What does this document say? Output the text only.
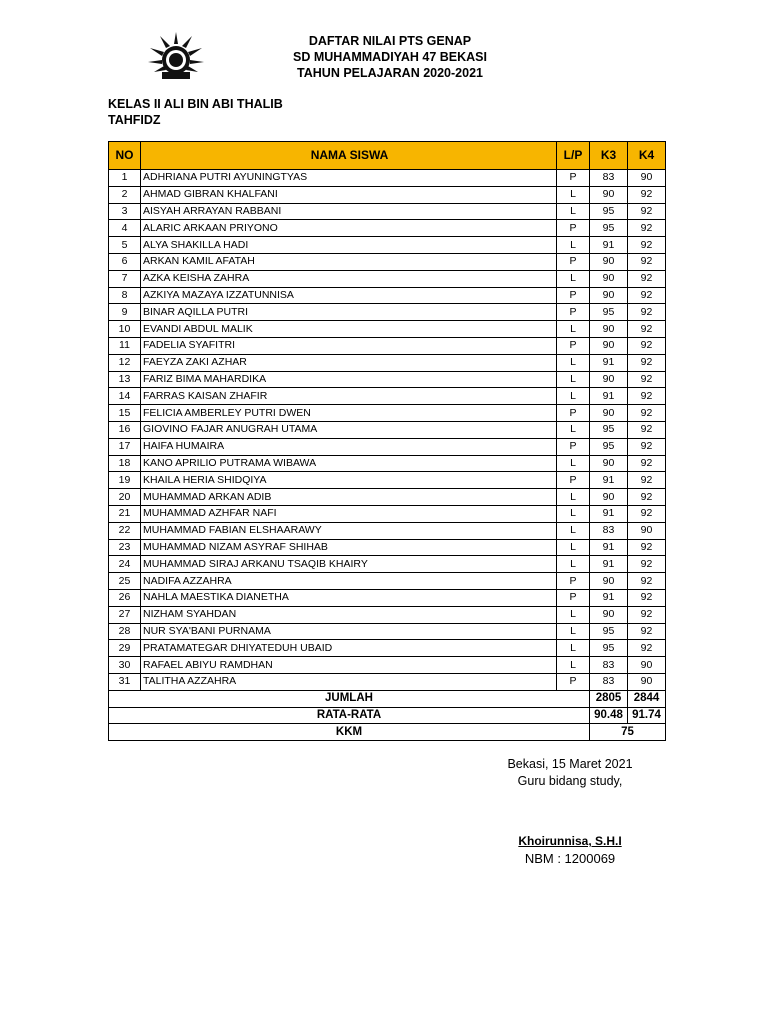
DAFTAR NILAI PTS GENAP
SD MUHAMMADIYAH 47 BEKASI
TAHUN PELAJARAN 2020-2021
KELAS II ALI BIN ABI THALIB
TAHFIDZ
NO	NAMA SISWA	L/P	K3	K4
1	ADHRIANA PUTRI AYUNINGTYAS	P	83	90
2	AHMAD GIBRAN KHALFANI	L	90	92
3	AISYAH ARRAYAN RABBANI	L	95	92
4	ALARIC ARKAAN PRIYONO	P	95	92
5	ALYA SHAKILLA HADI	L	91	92
6	ARKAN KAMIL AFATAH	P	90	92
7	AZKA KEISHA ZAHRA	L	90	92
8	AZKIYA MAZAYA IZZATUNNISA	P	90	92
9	BINAR AQILLA PUTRI	P	95	92
10	EVANDI ABDUL MALIK	L	90	92
11	FADELIA SYAFITRI	P	90	92
12	FAEYZA ZAKI AZHAR	L	91	92
13	FARIZ BIMA MAHARDIKA	L	90	92
14	FARRAS KAISAN ZHAFIR	L	91	92
15	FELICIA AMBERLEY PUTRI DWEN	P	90	92
16	GIOVINO FAJAR ANUGRAH UTAMA	L	95	92
17	HAIFA HUMAIRA	P	95	92
18	KANO APRILIO PUTRAMA WIBAWA	L	90	92
19	KHAILA HERIA SHIDQIYA	P	91	92
20	MUHAMMAD ARKAN ADIB	L	90	92
21	MUHAMMAD AZHFAR NAFI	L	91	92
22	MUHAMMAD FABIAN ELSHAARAWY	L	83	90
23	MUHAMMAD NIZAM ASYRAF SHIHAB	L	91	92
24	MUHAMMAD SIRAJ ARKANU TSAQIB KHAIRY	L	91	92
25	NADIFA AZZAHRA	P	90	92
26	NAHLA MAESTIKA DIANETHA	P	91	92
27	NIZHAM SYAHDAN	L	90	92
28	NUR SYA'BANI PURNAMA	L	95	92
29	PRATAMATEGAR DHIYATEDUH UBAID	L	95	92
30	RAFAEL ABIYU RAMDHAN	L	83	90
31	TALITHA AZZAHRA	P	83	90
JUMLAH			2805	2844
RATA-RATA			90.48	91.74
KKM			75	
Bekasi, 15 Maret 2021
Guru bidang study,
Khoirunnisa, S.H.I
NBM : 1200069
